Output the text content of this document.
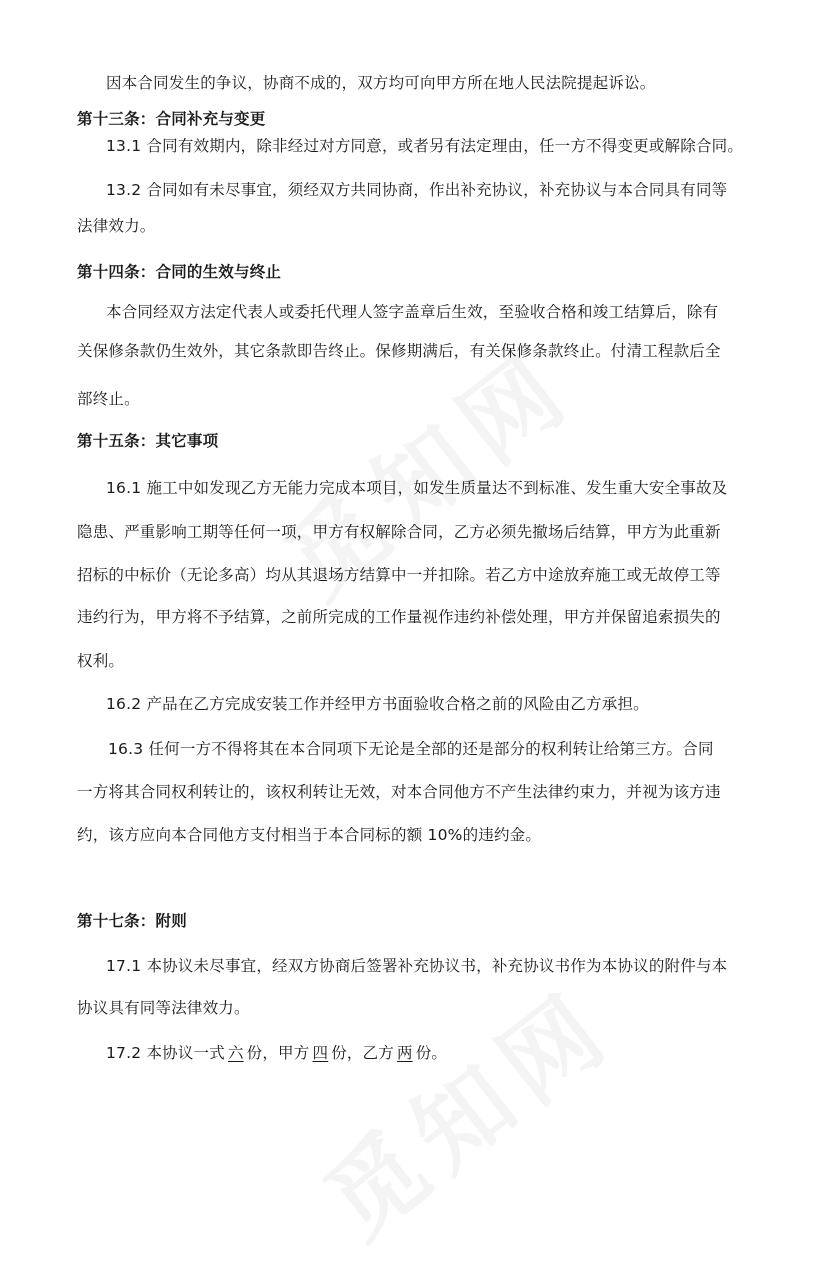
因本合同发生的争议，协商不成的，双方均可向甲方所在地人民法院提起诉讼。
第十三条：合同补充与变更
13.1 合同有效期内，除非经过对方同意，或者另有法定理由，任一方不得变更或解除合同。
13.2 合同如有未尽事宜，须经双方共同协商，作出补充协议，补充协议与本合同具有同等
法律效力。
第十四条：合同的生效与终止
本合同经双方法定代表人或委托代理人签字盖章后生效，至验收合格和竣工结算后，除有
关保修条款仍生效外，其它条款即告终止。保修期满后，有关保修条款终止。付清工程款后全
部终止。
第十五条：其它事项
16.1 施工中如发现乙方无能力完成本项目，如发生质量达不到标准、发生重大安全事故及
隐患、严重影响工期等任何一项，甲方有权解除合同，乙方必须先撤场后结算，甲方为此重新
招标的中标价（无论多高）均从其退场方结算中一并扣除。若乙方中途放弃施工或无故停工等
违约行为，甲方将不予结算，之前所完成的工作量视作违约补偿处理，甲方并保留追索损失的
权利。
16.2 产品在乙方完成安装工作并经甲方书面验收合格之前的风险由乙方承担。
16.3 任何一方不得将其在本合同项下无论是全部的还是部分的权利转让给第三方。合同
一方将其合同权利转让的，该权利转让无效，对本合同他方不产生法律约束力，并视为该方违
约，该方应向本合同他方支付相当于本合同标的额 10%的违约金。
第十七条：附则
17.1 本协议未尽事宜，经双方协商后签署补充协议书，补充协议书作为本协议的附件与本
协议具有同等法律效力。
17.2 本协议一式 六 份，甲方 四 份，乙方 两 份。
